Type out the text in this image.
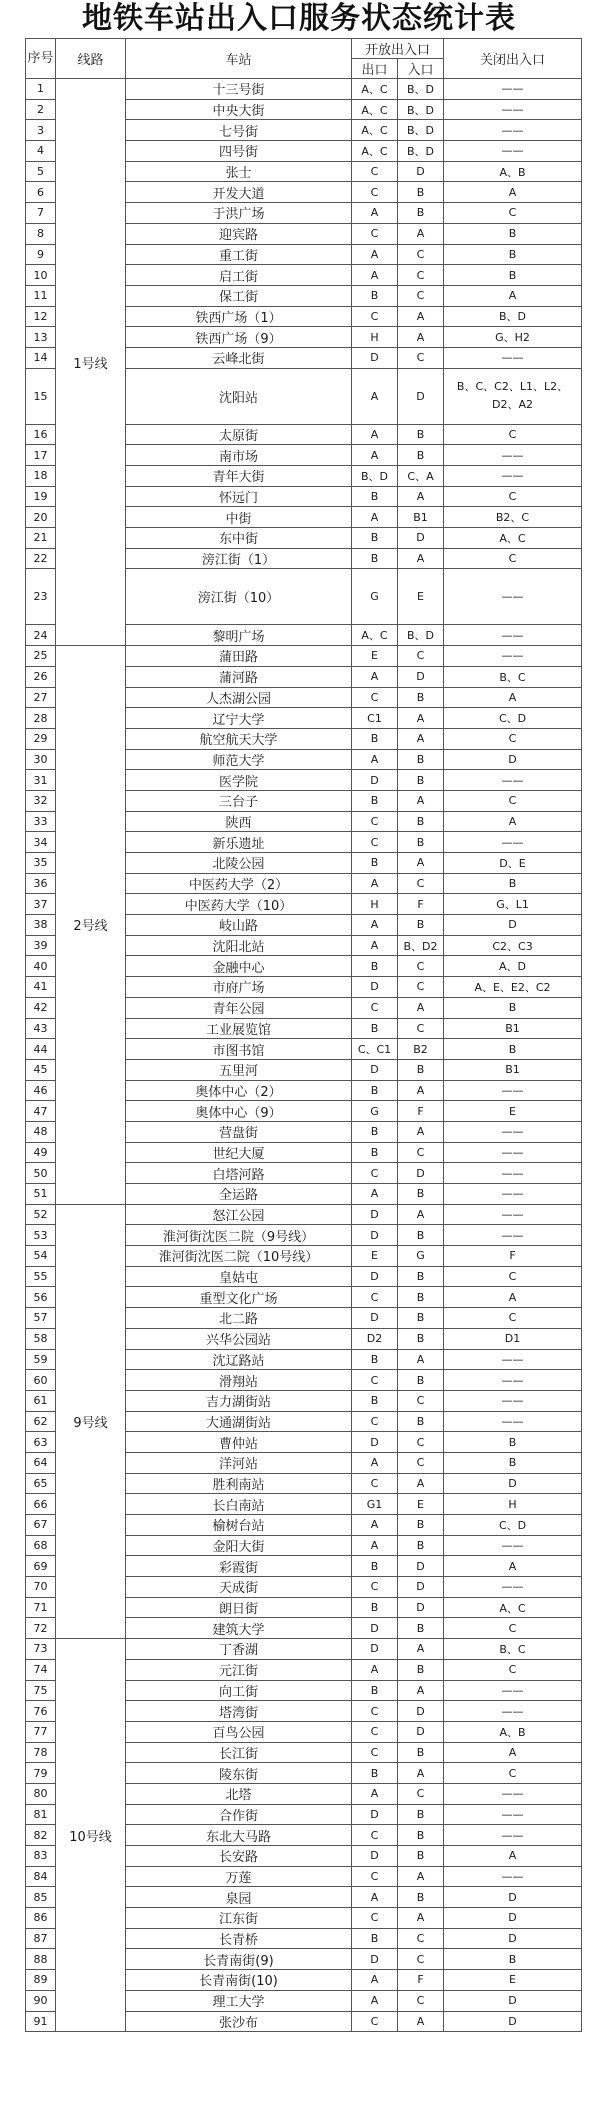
地铁车站出入口服务状态统计表
序号	线路	车站	开放出入口		关闭出入口
			出口	入口	
1	1号线	十三号街	A、C	B、D	——
2		中央大街	A、C	B、D	——
3		七号街	A、C	B、D	——
4		四号街	A、C	B、D	——
5		张士	C	D	A、B
6		开发大道	C	B	A
7		于洪广场	A	B	C
8		迎宾路	C	A	B
9		重工街	A	C	B
10		启工街	A	C	B
11		保工街	B	C	A
12		铁西广场（1）	C	A	B、D
13		铁西广场（9）	H	A	G、H2
14		云峰北街	D	C	——
15		沈阳站	A	D	B、C、C2、L1、L2、D2、A2
16		太原街	A	B	C
17		南市场	A	B	——
18		青年大街	B、D	C、A	——
19		怀远门	B	A	C
20		中街	A	B1	B2、C
21		东中街	B	D	A、C
22		滂江街（1）	B	A	C
23		滂江街（10）	G	E	——
24		黎明广场	A、C	B、D	——
25	2号线	蒲田路	E	C	——
26		蒲河路	A	D	B、C
27		人杰湖公园	C	B	A
28		辽宁大学	C1	A	C、D
29		航空航天大学	B	A	C
30		师范大学	A	B	D
31		医学院	D	B	——
32		三台子	B	A	C
33		陕西	C	B	A
34		新乐遗址	C	B	——
35		北陵公园	B	A	D、E
36		中医药大学（2）	A	C	B
37		中医药大学（10）	H	F	G、L1
38		岐山路	A	B	D
39		沈阳北站	A	B、D2	C2、C3
40		金融中心	B	C	A、D
41		市府广场	D	C	A、E、E2、C2
42		青年公园	C	A	B
43		工业展览馆	B	C	B1
44		市图书馆	C、C1	B2	B
45		五里河	D	B	B1
46		奥体中心（2）	B	A	——
47		奥体中心（9）	G	F	E
48		营盘街	B	A	——
49		世纪大厦	B	C	——
50		白塔河路	C	D	——
51		全运路	A	B	——
52	9号线	怒江公园	D	A	——
53		淮河街沈医二院（9号线）	D	B	——
54		淮河街沈医二院（10号线）	E	G	F
55		皇姑屯	D	B	C
56		重型文化广场	C	B	A
57		北二路	D	B	C
58		兴华公园站	D2	B	D1
59		沈辽路站	B	A	——
60		滑翔站	C	B	——
61		吉力湖街站	B	C	——
62		大通湖街站	C	B	——
63		曹仲站	D	C	B
64		洋河站	A	C	B
65		胜利南站	C	A	D
66		长白南站	G1	E	H
67		榆树台站	A	B	C、D
68		金阳大街	A	B	——
69		彩霞街	B	D	A
70		天成街	C	D	——
71		朗日街	B	D	A、C
72		建筑大学	D	B	C
73	10号线	丁香湖	D	A	B、C
74		元江街	A	B	C
75		向工街	B	A	——
76		塔湾街	C	D	——
77		百鸟公园	C	D	A、B
78		长江街	C	B	A
79		陵东街	B	A	C
80		北塔	A	C	——
81		合作街	D	B	——
82		东北大马路	C	B	——
83		长安路	D	B	A
84		万莲	C	A	——
85		泉园	A	B	D
86		江东街	C	A	D
87		长青桥	B	C	D
88		长青南街(9)	D	C	B
89		长青南街(10)	A	F	E
90		理工大学	A	C	D
91		张沙布	C	A	D
